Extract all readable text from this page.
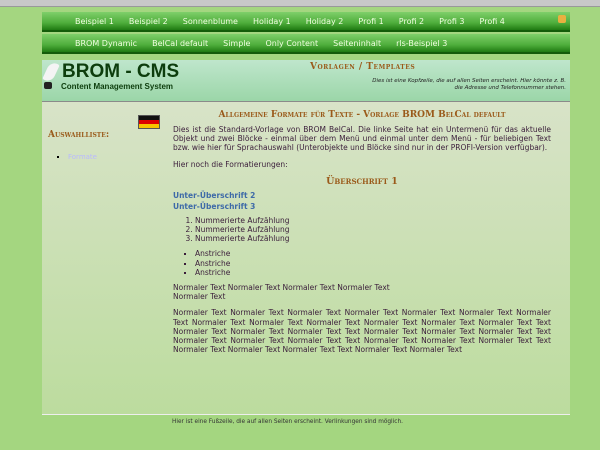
Beispiel 1 Beispiel 2 Sonnenblume Holiday 1 Holiday 2 Profi 1 Profi 2 Profi 3 Profi 4
BROM Dynamic BelCal default Simple Only Content Seiteninhalt rls-Beispiel 3
BROM - CMS
Content Management System
Vorlagen / Templates
Dies ist eine Kopfzeile, die auf allen Seiten erscheint. Hier könnte z. B. die Adresse und Telefonnummer stehen.
Auswahlliste:
▪ Formate
Allgemeine Formate für Texte - Vorlage BROM BelCal default

Dies ist die Standard-Vorlage von BROM BelCal. Die linke Seite hat ein Untermenü für das aktuelle Objekt und zwei Blöcke - einmal über dem Menü und einmal unter dem Menü - für beliebigen Text bzw. wie hier für Sprachauswahl (Unterobjekte und Blöcke sind nur in der PROFI-Version verfügbar).

Hier noch die Formatierungen:

Überschrift 1
Unter-Überschrift 2
Unter-Überschrift 3
1. Nummerierte Aufzählung
2. Nummerierte Aufzählung
3. Nummerierte Aufzählung
▪ Anstriche
▪ Anstriche
▪ Anstriche

Normaler Text Normaler Text Normaler Text Normaler Text
Normaler Text

Normaler Text Normaler Text Normaler Text Normaler Text Normaler Text Normaler Text Normaler Text Normaler Text Normaler Text Normaler Text Normaler Text Normaler Text Normaler Text Text Normaler Text Normaler Text Normaler Text Text Normaler Text Normaler Text Normaler Text Text Normaler Text Normaler Text Normaler Text Text Normaler Text Normaler Text Normaler Text Text Normaler Text Normaler Text Normaler Text Text Normaler Text Normaler Text

Hier ist eine Fußzeile, die auf allen Seiten erscheint. Verlinkungen sind möglich.
